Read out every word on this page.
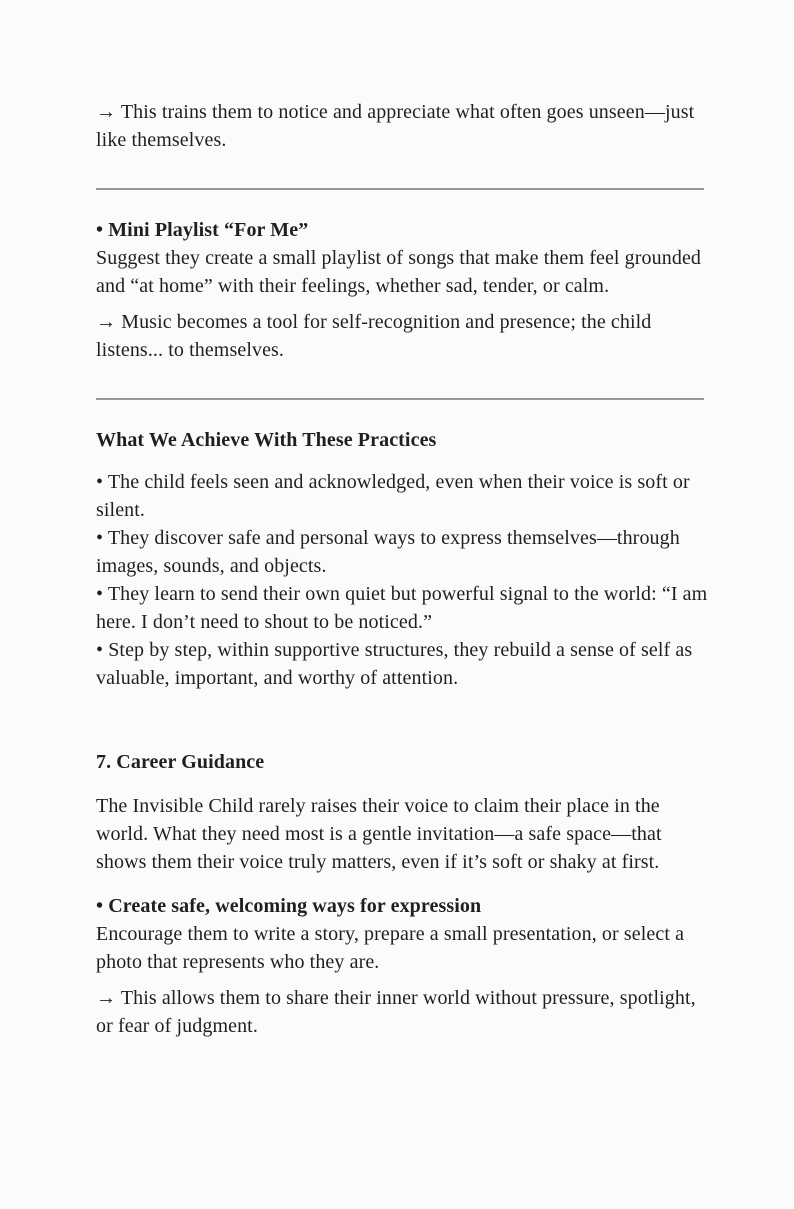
→ This trains them to notice and appreciate what often goes unseen—just like themselves.

• Mini Playlist “For Me”

Suggest they create a small playlist of songs that make them feel grounded and “at home” with their feelings, whether sad, tender, or calm.

→ Music becomes a tool for self-recognition and presence; the child listens... to themselves.

What We Achieve With These Practices

• The child feels seen and acknowledged, even when their voice is soft or silent.

• They discover safe and personal ways to express themselves—through images, sounds, and objects.

• They learn to send their own quiet but powerful signal to the world: “I am here. I don’t need to shout to be noticed.”

• Step by step, within supportive structures, they rebuild a sense of self as valuable, important, and worthy of attention.

7. Career Guidance

The Invisible Child rarely raises their voice to claim their place in the world. What they need most is a gentle invitation—a safe space—that shows them their voice truly matters, even if it’s soft or shaky at first.

• Create safe, welcoming ways for expression

Encourage them to write a story, prepare a small presentation, or select a photo that represents who they are.

→ This allows them to share their inner world without pressure, spotlight, or fear of judgment.
